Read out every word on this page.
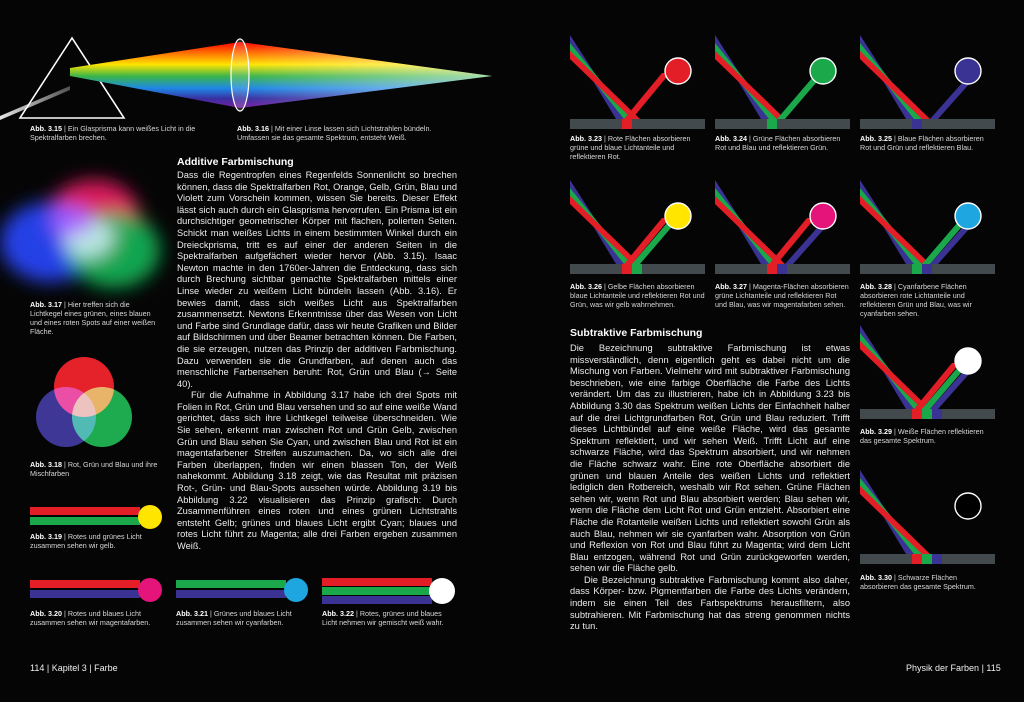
Abb. 3.15 | Ein Glasprisma kann weißes Licht in die Spektralfarben brechen.
Abb. 3.16 | Mit einer Linse lassen sich Lichtstrahlen bündeln. Umfassen sie das gesamte Spektrum, entsteht Weiß.
Abb. 3.17 | Hier treffen sich die Lichtkegel eines grünen, eines blauen und eines roten Spots auf einer weißen Fläche.
Abb. 3.18 | Rot, Grün und Blau und ihre Mischfarben
Abb. 3.19 | Rotes und grünes Licht zusammen sehen wir gelb.
Abb. 3.20 | Rotes und blaues Licht zusammen sehen wir magentafarben.
Abb. 3.21 | Grünes und blaues Licht zusammen sehen wir cyanfarben.
Abb. 3.22 | Rotes, grünes und blaues Licht nehmen wir gemischt weiß wahr.
Additive Farbmischung

Dass die Regentropfen eines Regenfelds Sonnenlicht so brechen können, dass die Spektralfarben Rot, Orange, Gelb, Grün, Blau und Violett zum Vorschein kommen, wissen Sie bereits. Dieser Effekt lässt sich auch durch ein Glasprisma hervorrufen. Ein Prisma ist ein durchsichtiger geometrischer Körper mit flachen, polierten Seiten. Schickt man weißes Lichts in einem bestimmten Winkel durch ein Dreieckprisma, tritt es auf einer der anderen Seiten in die Spektralfarben aufgefächert wieder hervor (Abb. 3.15). Isaac Newton machte in den 1760er-Jahren die Entdeckung, dass sich durch Brechung sichtbar gemachte Spektralfarben mittels einer Linse wieder zu weißem Licht bündeln lassen (Abb. 3.16). Er bewies damit, dass sich weißes Licht aus Spektralfarben zusammensetzt. Newtons Erkenntnisse über das Wesen von Licht und Farbe sind Grundlage dafür, dass wir heute Grafiken und Bilder auf Bildschirmen und über Beamer betrachten können. Die Farben, die sie erzeugen, nutzen das Prinzip der additiven Farbmischung. Dazu verwenden sie die Grundfarben, auf denen auch das menschliche Farbensehen beruht: Rot, Grün und Blau (→ Seite 40).

Für die Aufnahme in Abbildung 3.17 habe ich drei Spots mit Folien in Rot, Grün und Blau versehen und so auf eine weiße Wand gerichtet, dass sich ihre Lichtkegel teilweise überschneiden. Wie Sie sehen, erkennt man zwischen Rot und Grün Gelb, zwischen Grün und Blau sehen Sie Cyan, und zwischen Blau und Rot ist ein magentafarbener Streifen auszumachen. Da, wo sich alle drei Farben überlappen, finden wir einen blassen Ton, der Weiß nahekommt. Abbildung 3.18 zeigt, wie das Resultat mit präzisen Rot-, Grün- und Blau-Spots aussehen würde. Abbildung 3.19 bis Abbildung 3.22 visualisieren das Prinzip grafisch: Durch Zusammenführen eines roten und eines grünen Lichtstrahls entsteht Gelb; grünes und blaues Licht ergibt Cyan; blaues und rotes Licht führt zu Magenta; alle drei Farben ergeben zusammen Weiß.

114 | Kapitel 3 | Farbe
Abb. 3.23 | Rote Flächen absorbieren grüne und blaue Lichtanteile und reflektieren Rot.
Abb. 3.24 | Grüne Flächen absorbieren Rot und Blau und reflektieren Grün.
Abb. 3.25 | Blaue Flächen absorbieren Rot und Grün und reflektieren Blau.
Abb. 3.26 | Gelbe Flächen absorbieren blaue Lichtanteile und reflektieren Rot und Grün, was wir gelb wahrnehmen.
Abb. 3.27 | Magenta-Flächen absorbieren grüne Lichtanteile und reflektieren Rot und Blau, was wir magentafarben sehen.
Abb. 3.28 | Cyanfarbene Flächen absorbieren rote Lichtanteile und reflektieren Grün und Blau, was wir cyanfarben sehen.
Abb. 3.29 | Weiße Flächen reflektieren das gesamte Spektrum.
Abb. 3.30 | Schwarze Flächen absorbieren das gesamte Spektrum.
Subtraktive Farbmischung

Die Bezeichnung subtraktive Farbmischung ist etwas missverständlich, denn eigentlich geht es dabei nicht um die Mischung von Farben. Vielmehr wird mit subtraktiver Farbmischung beschrieben, wie eine farbige Oberfläche die Farbe des Lichts verändert. Um das zu illustrieren, habe ich in Abbildung 3.23 bis Abbildung 3.30 das Spektrum weißen Lichts der Einfachheit halber auf die drei Lichtgrundfarben Rot, Grün und Blau reduziert. Trifft dieses Lichtbündel auf eine weiße Fläche, wird das gesamte Spektrum reflektiert, und wir sehen Weiß. Trifft Licht auf eine schwarze Fläche, wird das Spektrum absorbiert, und wir nehmen die Fläche schwarz wahr. Eine rote Oberfläche absorbiert die grünen und blauen Anteile des weißen Lichts und reflektiert lediglich den Rotbereich, weshalb wir Rot sehen. Grüne Flächen sehen wir, wenn Rot und Blau absorbiert werden; Blau sehen wir, wenn die Fläche dem Licht Rot und Grün entzieht. Absorbiert eine Fläche die Rotanteile weißen Lichts und reflektiert sowohl Grün als auch Blau, nehmen wir sie cyanfarben wahr. Absorption von Grün und Reflexion von Rot und Blau führt zu Magenta; wird dem Licht Blau entzogen, während Rot und Grün zurückgeworfen werden, sehen wir die Fläche gelb.

Die Bezeichnung subtraktive Farbmischung kommt also daher, dass Körper- bzw. Pigmentfarben die Farbe des Lichts verändern, indem sie einen Teil des Farbspektrums herausfiltern, also subtrahieren. Mit Farbmischung hat das streng genommen nichts zu tun.

Physik der Farben | 115
